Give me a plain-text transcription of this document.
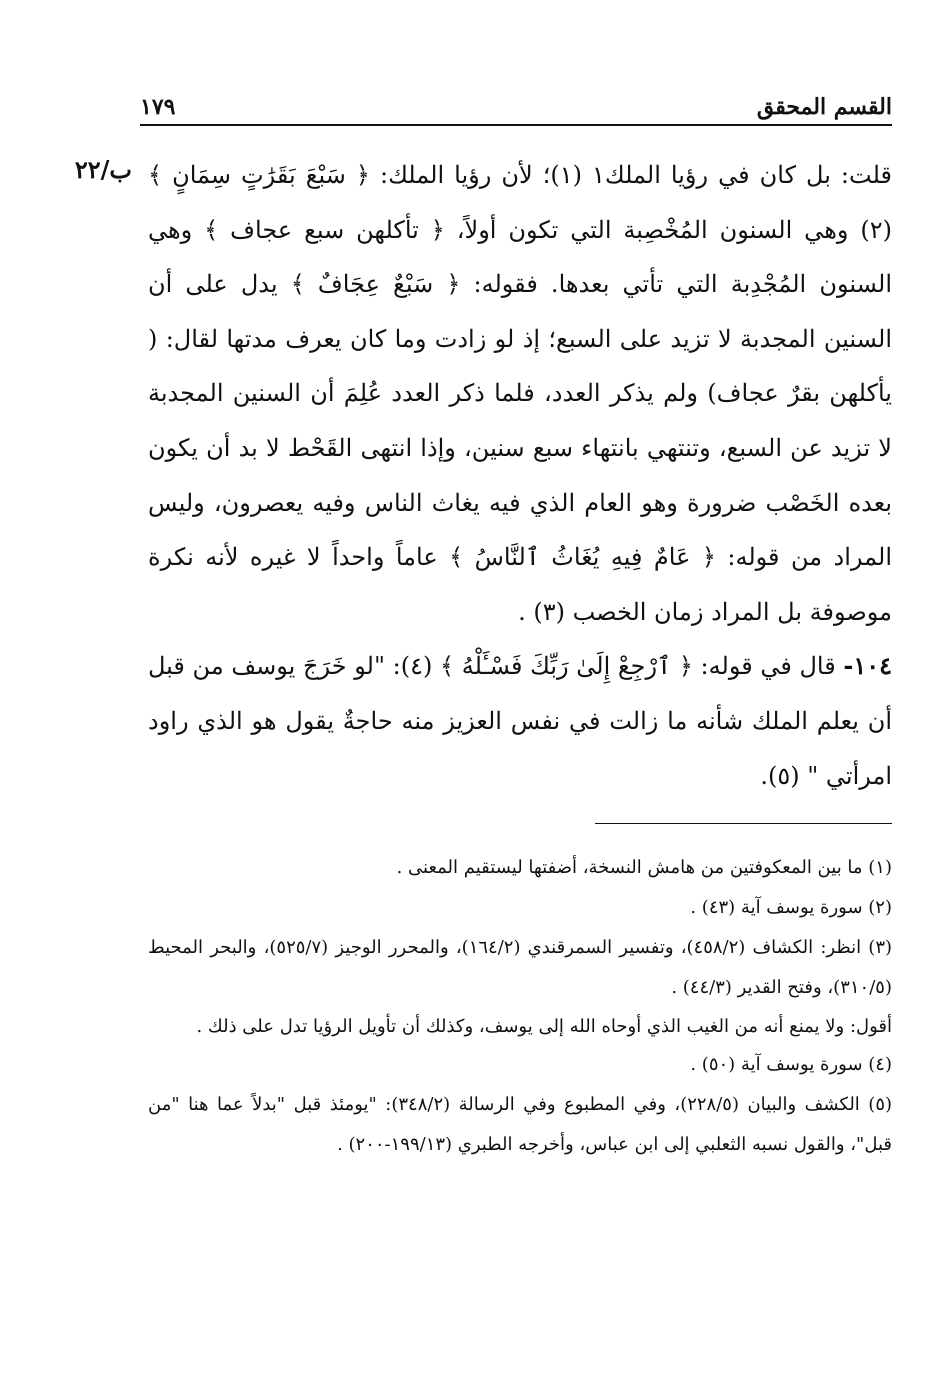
القسم المحقق
١٧٩
ب/٢٢ قلت: بل كان في رؤيا الملك١ (١)؛ لأن رؤيا الملك: ﴿ سَبْعَ بَقَرَٰتٍ سِمَانٍ ﴾ (٢) وهي السنون المُخْصِبة التي تكون أولاً، ﴿ تأكلهن سبع عجاف ﴾ وهي السنون المُجْدِبة التي تأتي بعدها. فقوله: ﴿ سَبْعٌ عِجَافٌ ﴾ يدل على أن السنين المجدبة لا تزيد على السبع؛ إذ لو زادت وما كان يعرف مدتها لقال: ( يأكلهن بقرٌ عجاف) ولم يذكر العدد، فلما ذكر العدد عُلِمَ أن السنين المجدبة لا تزيد عن السبع، وتنتهي بانتهاء سبع سنين، وإذا انتهى القَحْط لا بد أن يكون بعده الخَصْب ضرورة وهو العام الذي فيه يغاث الناس وفيه يعصرون، وليس المراد من قوله: ﴿ عَامٌ فِيهِ يُغَاثُ ٱلنَّاسُ ﴾ عاماً واحداً لا غيره لأنه نكرة موصوفة بل المراد زمان الخصب (٣) .

١٠٤- قال في قوله: ﴿ ٱرْجِعْ إِلَىٰ رَبِّكَ فَسْـَٔلْهُ ﴾ (٤): "لو خَرَجَ يوسف من قبل أن يعلم الملك شأنه ما زالت في نفس العزيز منه حاجةٌ يقول هو الذي راود امرأتي " (٥).

(١) ما بين المعكوفتين من هامش النسخة، أضفتها ليستقيم المعنى .

(٢) سورة يوسف آية (٤٣) .

(٣) انظر: الكشاف (٤٥٨/٢)، وتفسير السمرقندي (١٦٤/٢)، والمحرر الوجيز (٥٢٥/٧)، والبحر المحيط (٣١٠/٥)، وفتح القدير (٤٤/٣) .

أقول: ولا يمنع أنه من الغيب الذي أوحاه الله إلى يوسف، وكذلك أن تأويل الرؤيا تدل على ذلك .

(٤) سورة يوسف آية (٥٠) .

(٥) الكشف والبيان (٢٢٨/٥)، وفي المطبوع وفي الرسالة (٣٤٨/٢): "يومئذ قبل "بدلاً عما هنا "من قبل"، والقول نسبه الثعلبي إلى ابن عباس، وأخرجه الطبري (١٩٩/١٣-٢٠٠) .
